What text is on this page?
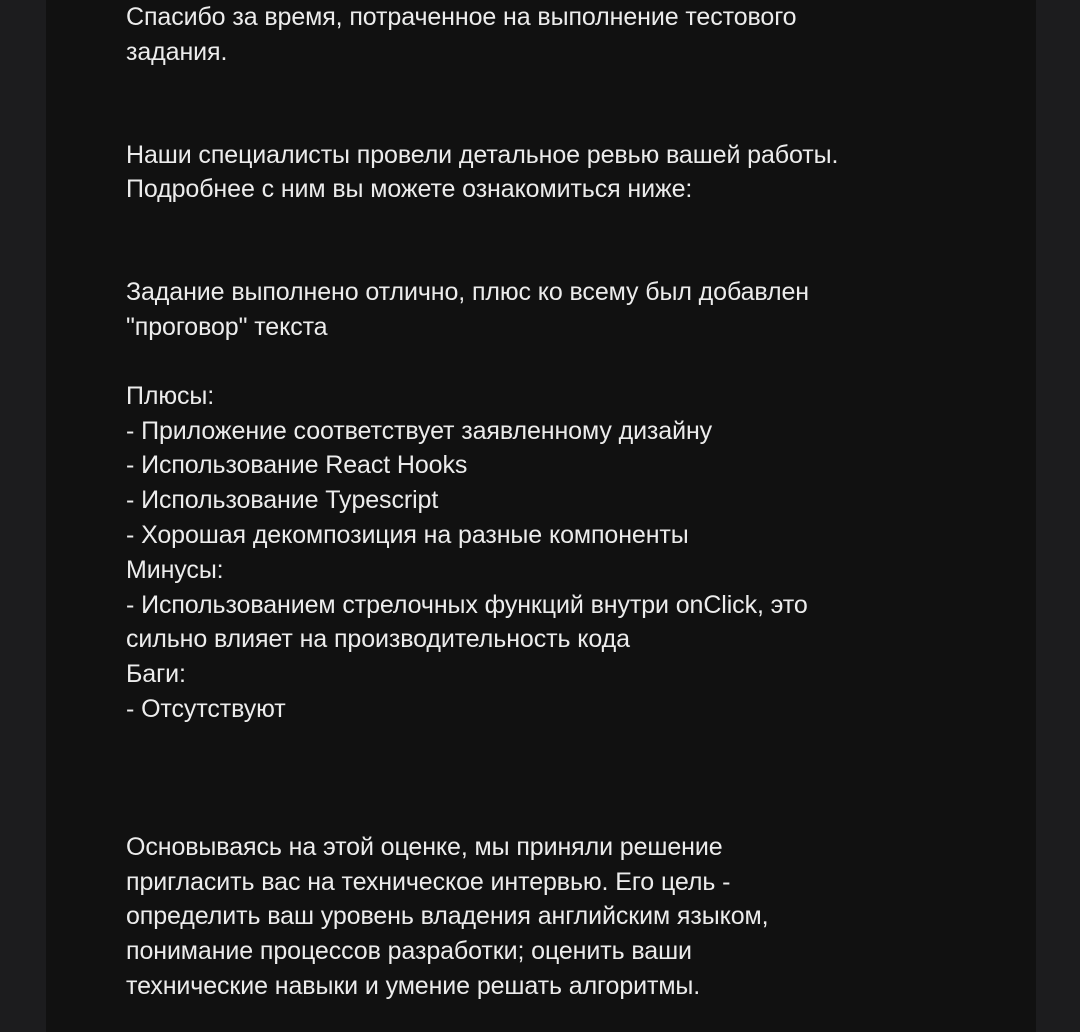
Спасибо за время, потраченное на выполнение тестового
задания.
Наши специалисты провели детальное ревью вашей работы.
Подробнее с ним вы можете ознакомиться ниже:
Задание выполнено отлично, плюс ко всему был добавлен
"проговор" текста
Плюсы:
- Приложение соответствует заявленному дизайну
- Использование React Hooks
- Использование Typescript
- Хорошая декомпозиция на разные компоненты
Минусы:
- Использованием стрелочных функций внутри onClick, это
сильно влияет на производительность кода
Баги:
- Отсутствуют
Основываясь на этой оценке, мы приняли решение
пригласить вас на техническое интервью. Его цель -
определить ваш уровень владения английским языком,
понимание процессов разработки; оценить ваши
технические навыки и умение решать алгоритмы.
